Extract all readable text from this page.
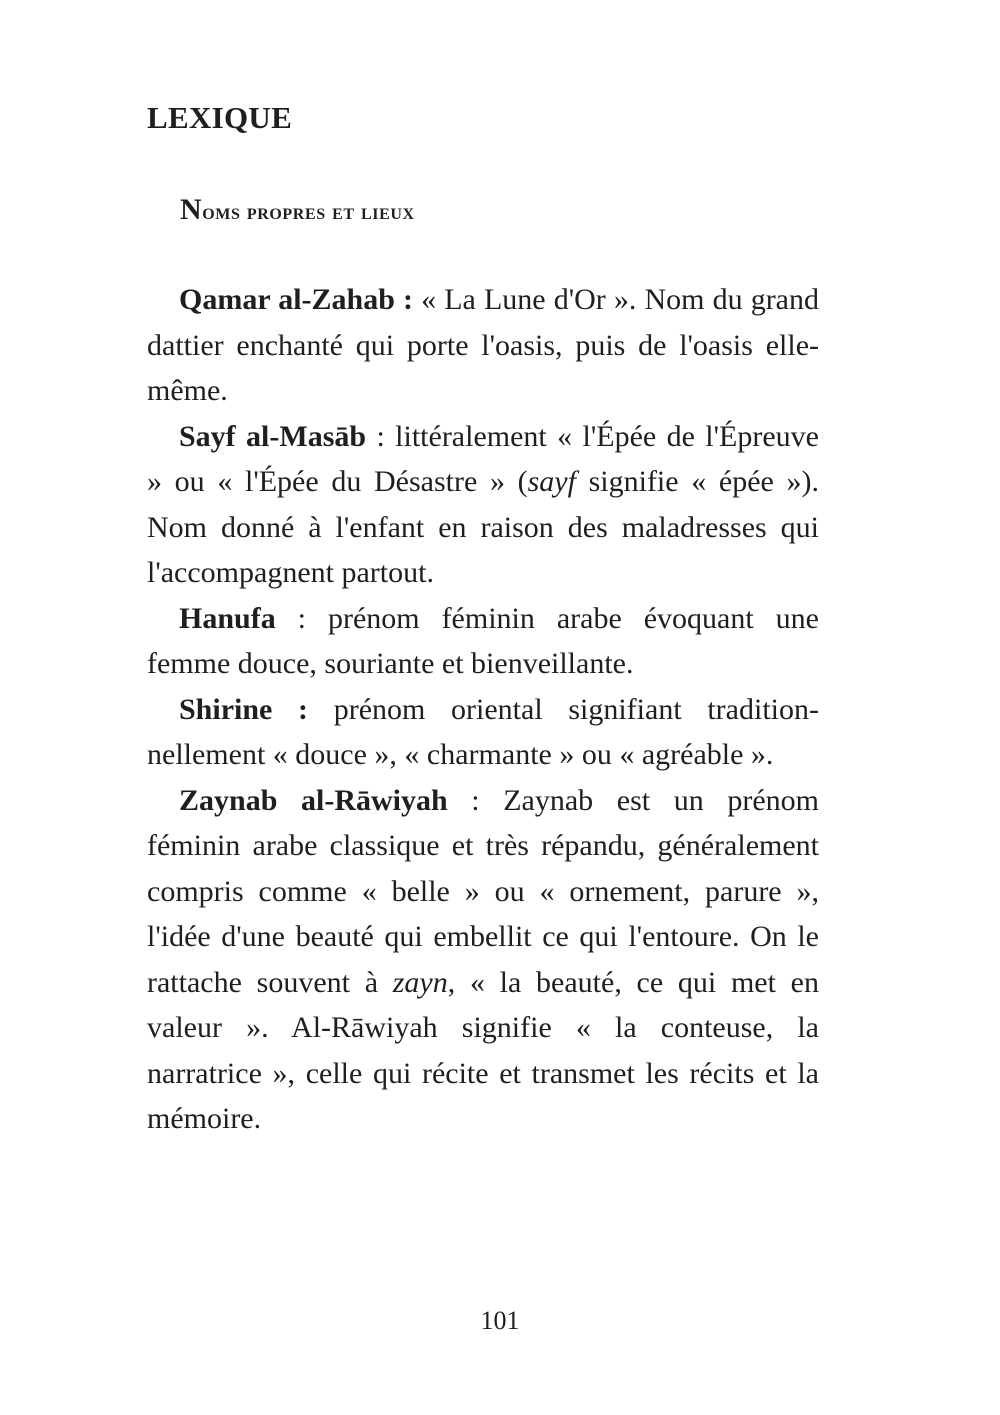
LEXIQUE
Noms propres et lieux

Qamar al-Zahab : « La Lune d'Or ». Nom du grand dattier enchanté qui porte l'oasis, puis de l'oasis elle-même.

Sayf al-Masāb : littéralement « l'Épée de l'Épreuve » ou « l'Épée du Désastre » (sayf signifie « épée »). Nom donné à l'enfant en raison des maladresses qui l'accompagnent partout.

Hanufa : prénom féminin arabe évoquant une femme douce, souriante et bienveillante.

Shirine : prénom oriental signifiant traditionnellement « douce », « charmante » ou « agréable ».

Zaynab al-Rāwiyah : Zaynab est un prénom féminin arabe classique et très répandu, généralement compris comme « belle » ou « ornement, parure », l'idée d'une beauté qui embellit ce qui l'entoure. On le rattache souvent à zayn, « la beauté, ce qui met en valeur ». Al-Rāwiyah signifie « la conteuse, la narratrice », celle qui récite et transmet les récits et la mémoire.

101
